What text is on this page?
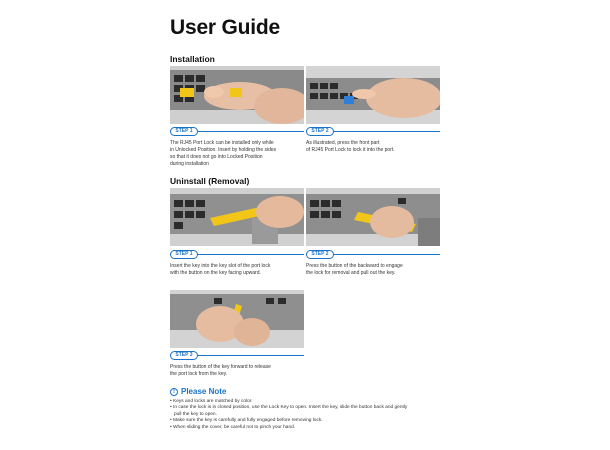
User Guide
Installation
STEP 1
The RJ45 Port Lock can be installed only while
in Unlocked Position. Insert by holding the sides
so that it does not go into Locked Position
during installation
STEP 2
As illustrated, press the front part
of RJ45 Port Lock to lock it into the port.
Uninstall (Removal)
STEP 1
Insert the key into the key slot of the port lock
with the button on the key facing upward.
STEP 2
Press the button of the backward to engage
the lock for removal and pull out the key.
STEP 3
Press the button of the key forward to release
the port lock from the key.
! Please Note
• Keys and locks are matched by color.
• In case the lock is in closed position, use the Lock Key to open. Insert the key, slide the button back and gently
pull the key to open.
• Make sure the key is carefully and fully engaged before removing lock.
• When sliding the cover, be careful not to pinch your hand.
